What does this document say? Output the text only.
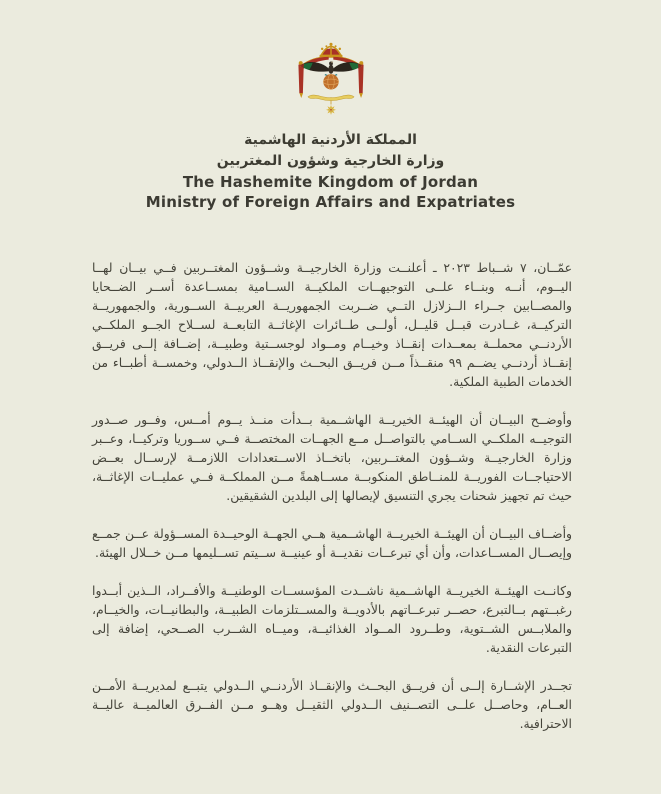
المملكة الأردنية الهاشمية
وزارة الخارجية وشؤون المغتربين
The Hashemite Kingdom of Jordan
Ministry of Foreign Affairs and Expatriates

عمّــان، ٧ شــباط ٢٠٢٣ ـ أعلنــت وزارة الخارجيــة وشــؤون المغتــربين فــي بيــان لهــا اليــوم، أنــه وبنــاء علــى التوجيهــات الملكيــة الســامية بمســاعدة أســر الضــحايا والمصــابين جــراء الــزلازل التــي ضــربت الجمهوريــة العربيــة الســورية، والجمهوريــة التركيــة، غــادرت قبــل قليــل، أولــى طــائرات الإغاثــة التابعــة لســلاح الجــو الملكــي الأردنــي محملــة بمعــدات إنقــاذ وخيــام ومــواد لوجســتية وطبيــة، إضــافة إلــى فريــق إنقــاذ أردنــي يضــم ٩٩ منقــذاً مــن فريــق البحــث والإنقــاذ الــدولي، وخمســة أطبــاء من الخدمات الطبية الملكية.

وأوضــح البيــان أن الهيئــة الخيريــة الهاشــمية بــدأت منــذ يــوم أمــس، وفــور صــدور التوجيــه الملكــي الســامي بالتواصــل مــع الجهــات المختصــة فــي ســوريا وتركيــا، وعــبر وزارة الخارجيــة وشــؤون المغتــربين، باتخــاذ الاســتعدادات اللازمــة لإرســال بعــض الاحتياجــات الفوريــة للمنــاطق المنكوبــة مســاهمةً مــن المملكــة فــي عمليــات الإغاثــة، حيث تم تجهيز شحنات يجري التنسيق لإيصالها إلى البلدين الشقيقين.

وأضــاف البيــان أن الهيئــة الخيريــة الهاشــمية هــي الجهــة الوحيــدة المســؤولة عــن جمــع وإيصــال المســاعدات، وأن أي تبرعــات نقديــة أو عينيــة ســيتم تســليمها مــن خــلال الهيئة.

وكانــت الهيئــة الخيريــة الهاشــمية ناشــدت المؤسســات الوطنيــة والأفــراد، الــذين أبــدوا رغبــتهم بــالتبرع، حصــر تبرعــاتهم بالأدويــة والمســتلزمات الطبيــة، والبطانيــات، والخيــام، والملابــس الشــتوية، وطــرود المــواد الغذائيــة، وميــاه الشــرب الصــحي، إضافة إلى التبرعات النقدية.

تجــدر الإشــارة إلــى أن فريــق البحــث والإنقــاذ الأردنــي الــدولي يتبــع لمديريــة الأمــن العــام، وحاصــل علــى التصــنيف الــدولي الثقيــل وهــو مــن الفــرق العالميــة عاليــة الاحترافية.
